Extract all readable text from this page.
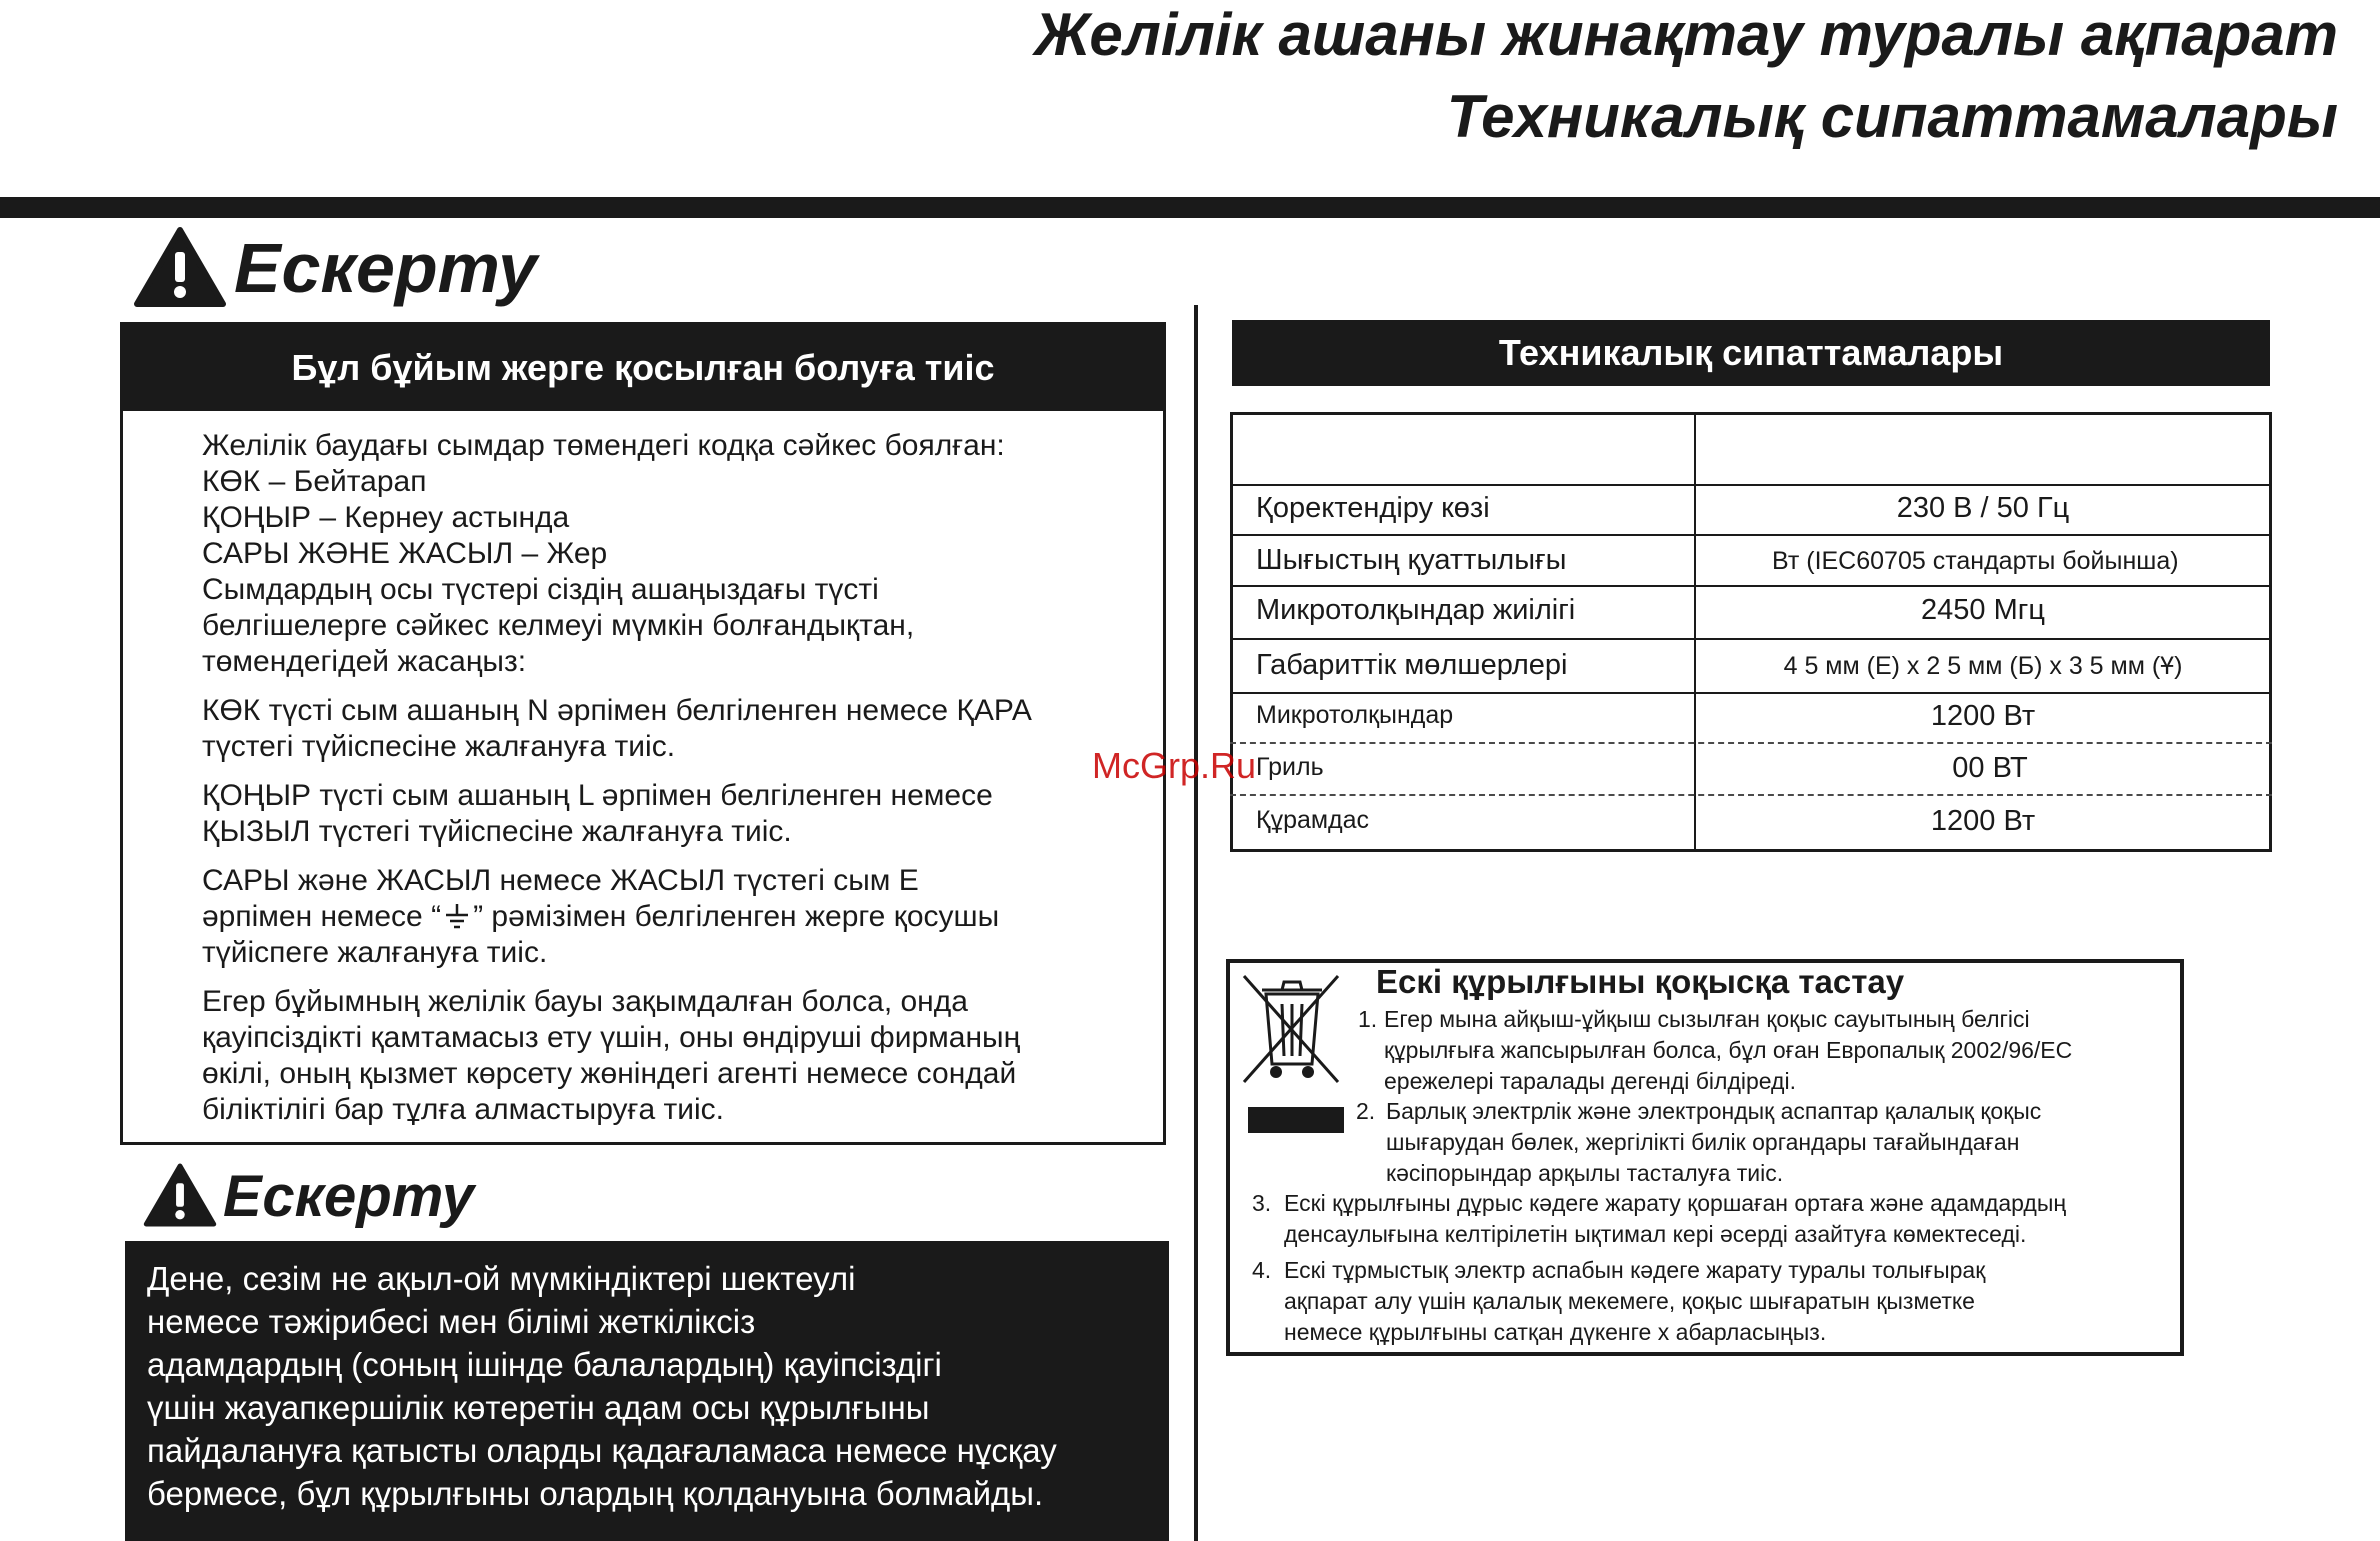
Желілік ашаны жинақтау туралы ақпарат
Техникалық сипаттамалары
Ескерту
Бұл бұйым жерге қосылған болуға тиіс

Желілік баудағы сымдар төмендегі кодқа сәйкес боялған:
КӨК – Бейтарап
ҚОҢЫР – Кернеу астында
САРЫ ЖӘНЕ ЖАСЫЛ – Жер
Сымдардың осы түстері сіздің ашаңыздағы түсті
белгішелерге сәйкес келмеуі мүмкін болғандықтан,
төмендегідей жасаңыз:

КӨК түсті сым ашаның N әрпімен белгіленген немесе ҚАРА
түстегі түйіспесіне жалғануға тиіс.

ҚОҢЫР түсті сым ашаның L әрпімен белгіленген немесе
ҚЫЗЫЛ түстегі түйіспесіне жалғануға тиіс.

САРЫ және ЖАСЫЛ немесе ЖАСЫЛ түстегі сым E
әрпімен немесе “ ” рәмізімен белгіленген жерге қосушы
түйіспеге жалғануға тиіс.

Егер бұйымның желілік бауы зақымдалған болса, онда
қауіпсіздікті қамтамасыз ету үшін, оны өндіруші фирманың
өкілі, оның қызмет көрсету жөніндегі агенті немесе сондай
біліктілігі бар тұлға алмастыруға тиіс.

Ескерту
Дене, сезім не ақыл-ой мүмкіндіктері шектеулі
немесе тәжірибесі мен білімі жеткіліксіз
адамдардың (соның ішінде балалардың) қауіпсіздігі
үшін жауапкершілік көтеретін адам осы құрылғыны
пайдалануға қатысты оларды қадағаламаса немесе нұсқау
бермесе, бұл құрылғыны олардың қолдануына болмайды.
Техникалық сипаттамалары
Қоректендіру көзі	230 В / 50 Гц
Шығыстың қуаттылығы	Вт (IEC60705 стандарты бойынша)
Микротолқындар жиілігі	2450 Мгц
Габариттік мөлшерлері	4 5 мм (Е) х 2 5 мм (Б) х 3 5 мм (Ұ)
Микротолқындар	1200 Вт
Гриль	00 ВТ
Құрамдас	1200 Вт
McGrp.Ru
Ескі құрылғыны қоқысқа тастау
1. Егер мына айқыш-ұйқыш сызылған қоқыс сауытының белгісі
құрылғыға жапсырылған болса, бұл оған Европалық 2002/96/ЕС
ережелері таралады дегенді білдіреді.
2. Барлық электрлік және электрондық аспаптар қалалық қоқыс
шығарудан бөлек, жергілікті билік органдары тағайындаған
кәсіпорындар арқылы тасталуға тиіс.
3. Ескі құрылғыны дұрыс кәдеге жарату қоршаған ортаға және адамдардың
денсаулығына келтірілетін ықтимал кері әсерді азайтуға көмектеседі.
4. Ескі тұрмыстық электр аспабын кәдеге жарату туралы толығырақ
ақпарат алу үшін қалалық мекемеге, қоқыс шығаратын қызметке
немесе құрылғыны сатқан дүкенге х абарласыңыз.
